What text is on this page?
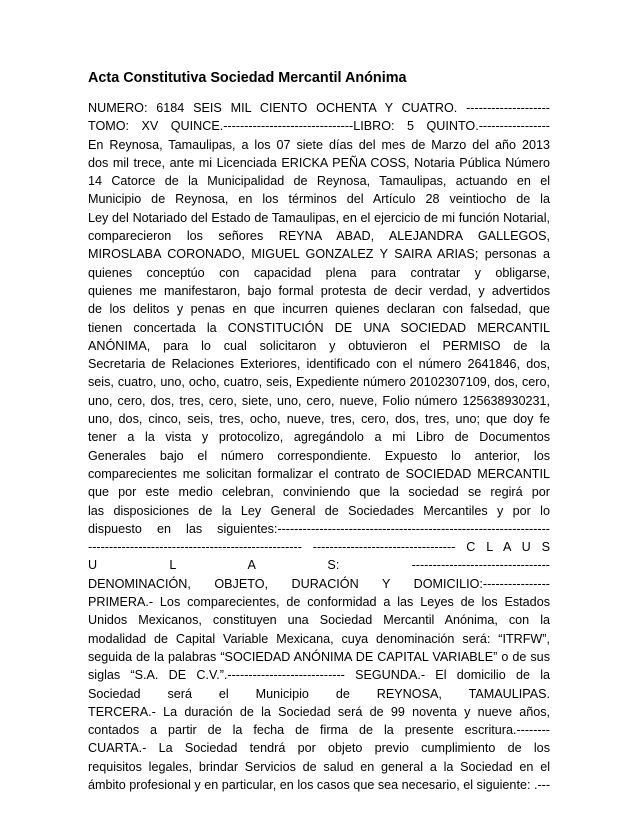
Acta Constitutiva Sociedad Mercantil Anónima
NUMERO: 6184 SEIS MIL CIENTO OCHENTA Y CUATRO. --------------------
TOMO: XV QUINCE.-------------------------------LIBRO: 5 QUINTO.-----------------
En Reynosa, Tamaulipas, a los 07 siete días del mes de Marzo del año 2013
dos mil trece, ante mi Licenciada ERICKA PEÑA COSS, Notaria Pública Número
14 Catorce de la Municipalidad de Reynosa, Tamaulipas, actuando en el
Municipio de Reynosa, en los términos del Artículo 28 veintiocho de la
Ley del Notariado del Estado de Tamaulipas, en el ejercicio de mi función Notarial,
comparecieron los señores REYNA ABAD, ALEJANDRA GALLEGOS,
MIROSLABA CORONADO, MIGUEL GONZALEZ Y SAIRA ARIAS; personas a
quienes conceptúo con capacidad plena para contratar y obligarse,
quienes me manifestaron, bajo formal protesta de decir verdad, y advertidos
de los delitos y penas en que incurren quienes declaran con falsedad, que
tienen concertada la CONSTITUCIÓN DE UNA SOCIEDAD MERCANTIL
ANÓNIMA, para lo cual solicitaron y obtuvieron el PERMISO de la
Secretaria de Relaciones Exteriores, identificado con el número 2641846, dos,
seis, cuatro, uno, ocho, cuatro, seis, Expediente número 20102307109, dos, cero,
uno, cero, dos, tres, cero, siete, uno, cero, nueve, Folio número 125638930231,
uno, dos, cinco, seis, tres, ocho, nueve, tres, cero, dos, tres, uno; que doy fe
tener a la vista y protocolizo, agregándolo a mi Libro de Documentos
Generales bajo el número correspondiente. Expuesto lo anterior, los
comparecientes me solicitan formalizar el contrato de SOCIEDAD MERCANTIL
que por este medio celebran, conviniendo que la sociedad se regirá por
las disposiciones de la Ley General de Sociedades Mercantiles y por lo
dispuesto en las siguientes:-----------------------------------------------------------------
--------------------------------------------------- ---------------------------------- C L A U S
U L A S: ---------------------------------
DENOMINACIÓN, OBJETO, DURACIÓN Y DOMICILIO:----------------
PRIMERA.- Los comparecientes, de conformidad a las Leyes de los Estados
Unidos Mexicanos, constituyen una Sociedad Mercantil Anónima, con la
modalidad de Capital Variable Mexicana, cuya denominación será: “ITRFW”,
seguida de la palabras “SOCIEDAD ANÓNIMA DE CAPITAL VARIABLE” o de sus
siglas “S.A. DE C.V.”.---------------------------- SEGUNDA.- El domicilio de la
Sociedad será el Municipio de REYNOSA, TAMAULIPAS.
TERCERA.- La duración de la Sociedad será de 99 noventa y nueve años,
contados a partir de la fecha de firma de la presente escritura.--------
CUARTA.- La Sociedad tendrá por objeto previo cumplimiento de los
requisitos legales, brindar Servicios de salud en general a la Sociedad en el
ámbito profesional y en particular, en los casos que sea necesario, el siguiente: .---
